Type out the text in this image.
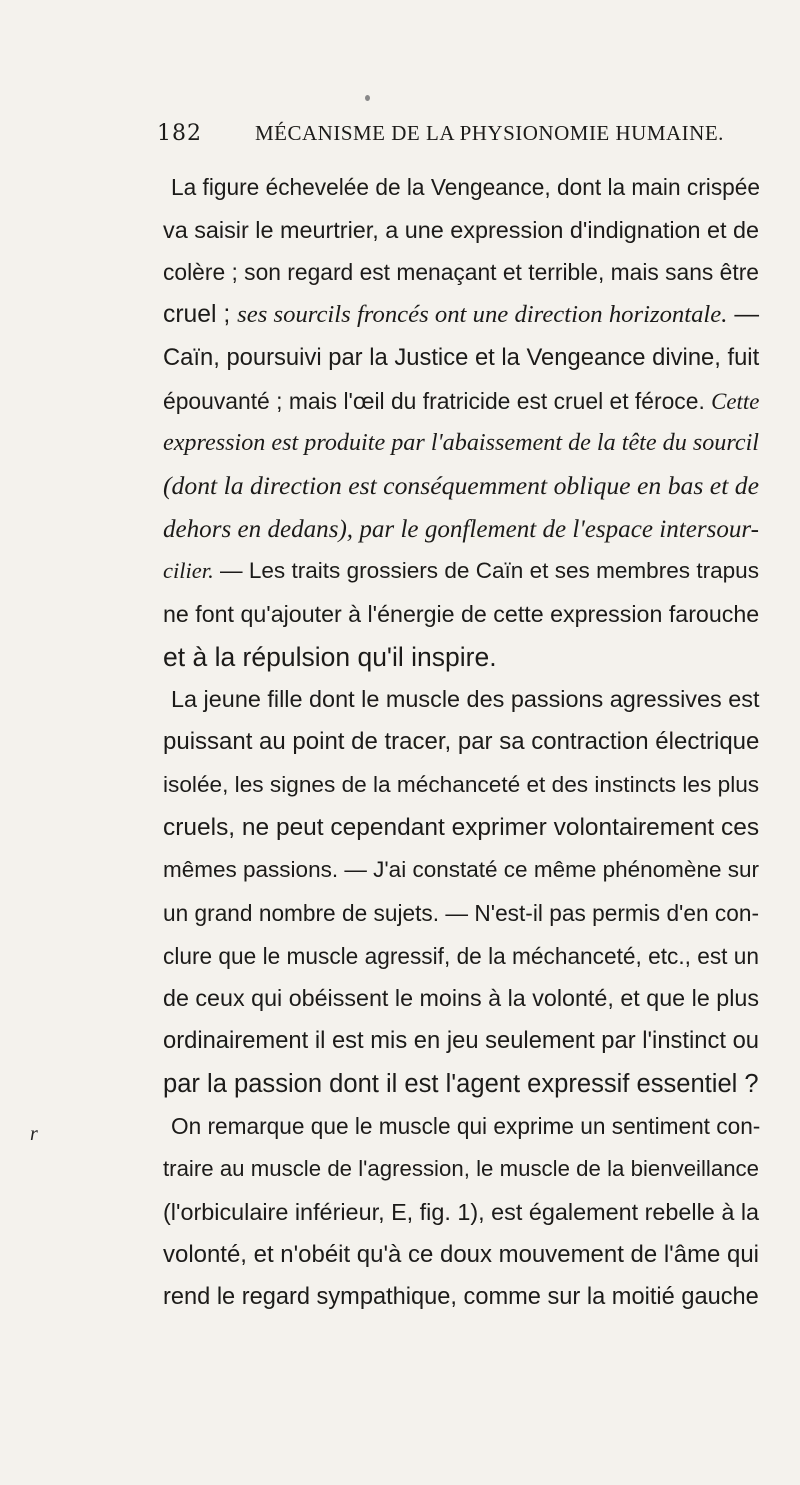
182	MÉCANISME DE LA PHYSIONOMIE HUMAINE.
r
La figure échevelée de la Vengeance, dont la main crispée
va saisir le meurtrier, a une expression d'indignation et de
colère ; son regard est menaçant et terrible, mais sans être
cruel ; ses sourcils froncés ont une direction horizontale. —
Caïn, poursuivi par la Justice et la Vengeance divine, fuit
épouvanté ; mais l'œil du fratricide est cruel et féroce. Cette
expression est produite par l'abaissement de la tête du sourcil
(dont la direction est conséquemment oblique en bas et de
dehors en dedans), par le gonflement de l'espace intersour-
cilier. — Les traits grossiers de Caïn et ses membres trapus
ne font qu'ajouter à l'énergie de cette expression farouche
et à la répulsion qu'il inspire.
La jeune fille dont le muscle des passions agressives est
puissant au point de tracer, par sa contraction électrique
isolée, les signes de la méchanceté et des instincts les plus
cruels, ne peut cependant exprimer volontairement ces
mêmes passions. — J'ai constaté ce même phénomène sur
un grand nombre de sujets. — N'est-il pas permis d'en con-
clure que le muscle agressif, de la méchanceté, etc., est un
de ceux qui obéissent le moins à la volonté, et que le plus
ordinairement il est mis en jeu seulement par l'instinct ou
par la passion dont il est l'agent expressif essentiel ?
On remarque que le muscle qui exprime un sentiment con-
traire au muscle de l'agression, le muscle de la bienveillance
(l'orbiculaire inférieur, E, fig. 1), est également rebelle à la
volonté, et n'obéit qu'à ce doux mouvement de l'âme qui
rend le regard sympathique, comme sur la moitié gauche
